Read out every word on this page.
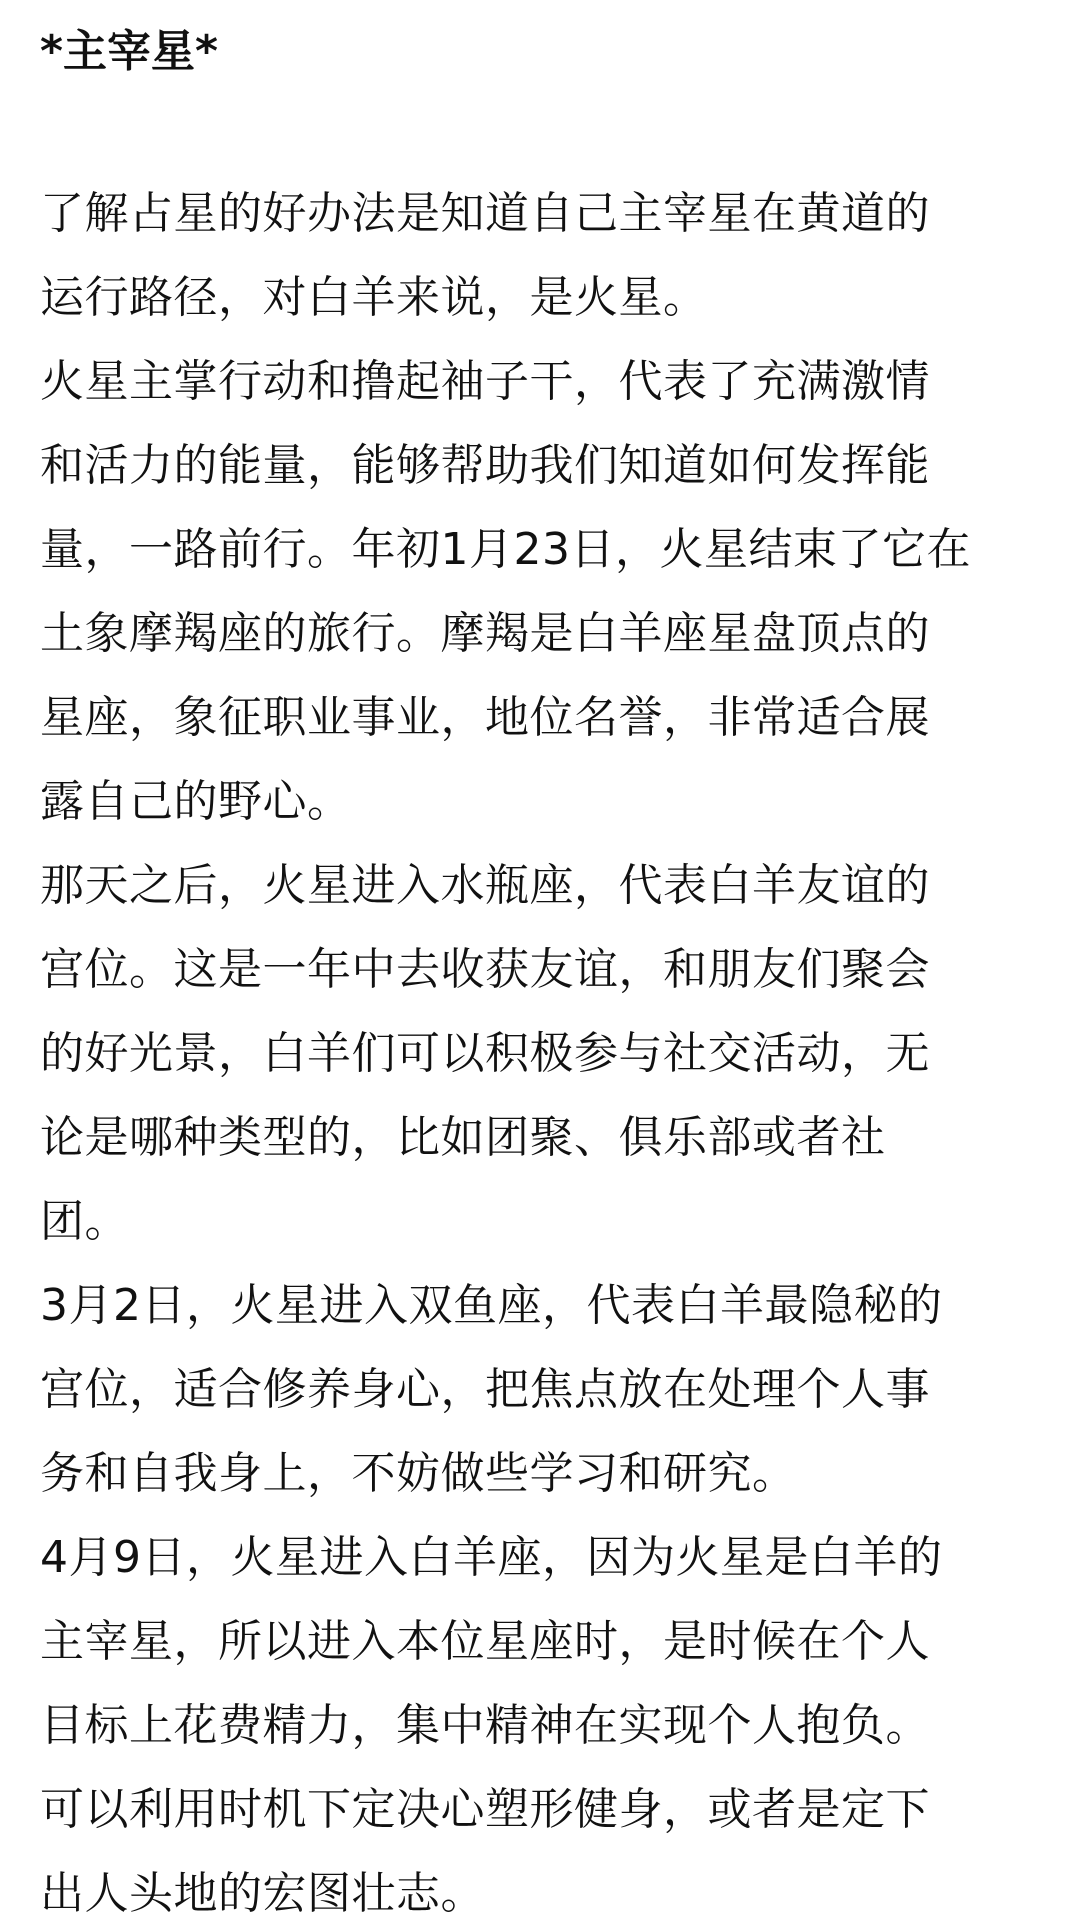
*主宰星*
了解占星的好办法是知道自己主宰星在黄道的
运行路径，对白羊来说，是火星。
火星主掌行动和撸起袖子干，代表了充满激情
和活力的能量，能够帮助我们知道如何发挥能
量，一路前行。年初1月23日，火星结束了它在
土象摩羯座的旅行。摩羯是白羊座星盘顶点的
星座，象征职业事业，地位名誉，非常适合展
露自己的野心。
那天之后，火星进入水瓶座，代表白羊友谊的
宫位。这是一年中去收获友谊，和朋友们聚会
的好光景，白羊们可以积极参与社交活动，无
论是哪种类型的，比如团聚、俱乐部或者社
团。
3月2日，火星进入双鱼座，代表白羊最隐秘的
宫位，适合修养身心，把焦点放在处理个人事
务和自我身上，不妨做些学习和研究。
4月9日，火星进入白羊座，因为火星是白羊的
主宰星，所以进入本位星座时，是时候在个人
目标上花费精力，集中精神在实现个人抱负。
可以利用时机下定决心塑形健身，或者是定下
出人头地的宏图壮志。
